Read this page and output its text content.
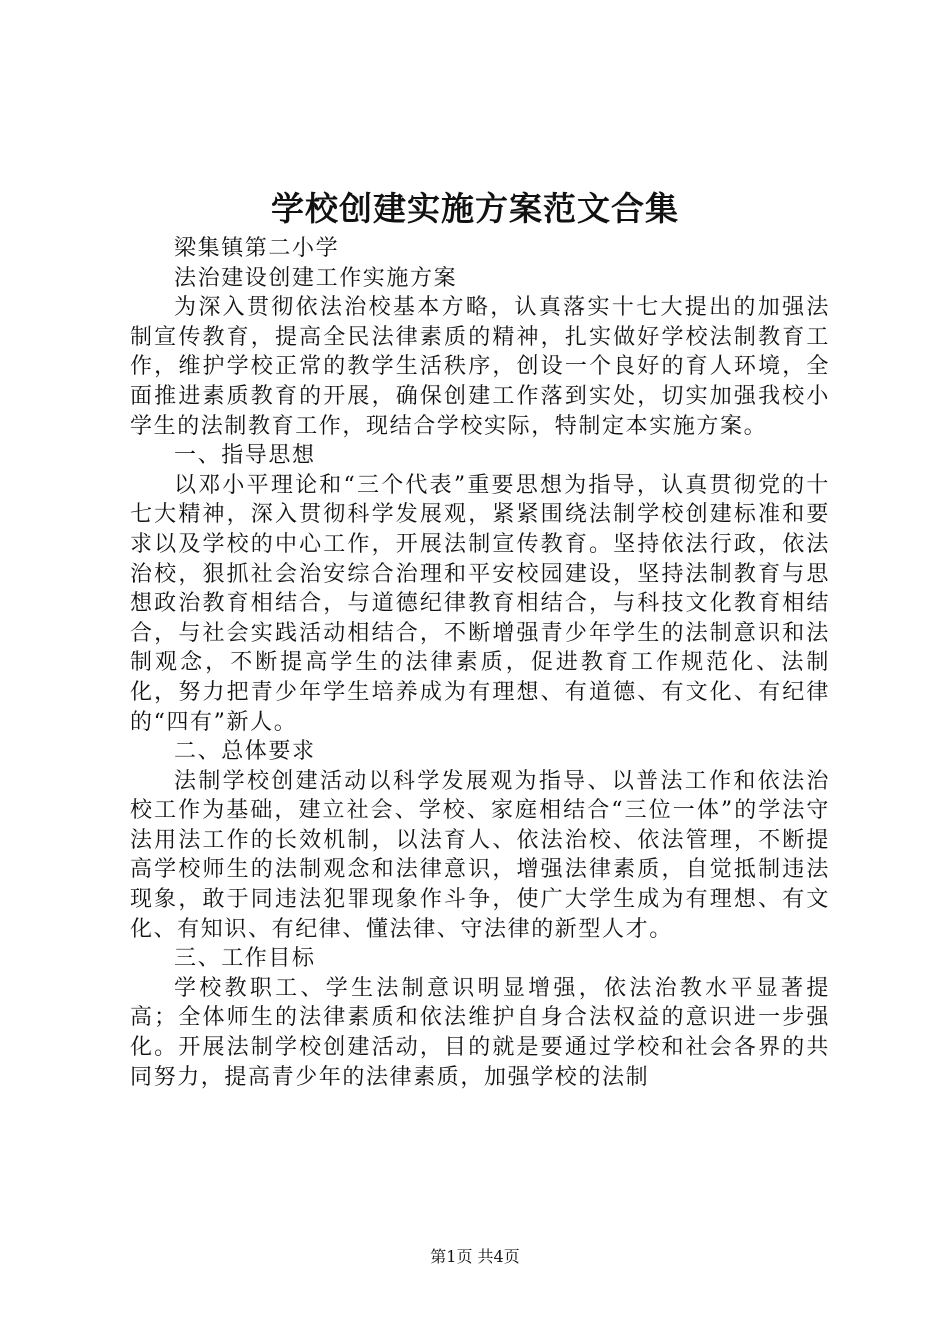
学校创建实施方案范文合集

梁集镇第二小学

法治建设创建工作实施方案

为深入贯彻依法治校基本方略，认真落实十七大提出的加强法制宣传教育，提高全民法律素质的精神，扎实做好学校法制教育工作，维护学校正常的教学生活秩序，创设一个良好的育人环境，全面推进素质教育的开展，确保创建工作落到实处，切实加强我校小学生的法制教育工作，现结合学校实际，特制定本实施方案。

一、指导思想

以邓小平理论和“三个代表”重要思想为指导，认真贯彻党的十七大精神，深入贯彻科学发展观，紧紧围绕法制学校创建标准和要求以及学校的中心工作，开展法制宣传教育。坚持依法行政，依法治校，狠抓社会治安综合治理和平安校园建设，坚持法制教育与思想政治教育相结合，与道德纪律教育相结合，与科技文化教育相结合，与社会实践活动相结合，不断增强青少年学生的法制意识和法制观念，不断提高学生的法律素质，促进教育工作规范化、法制化，努力把青少年学生培养成为有理想、有道德、有文化、有纪律的“四有”新人。

二、总体要求

法制学校创建活动以科学发展观为指导、以普法工作和依法治校工作为基础，建立社会、学校、家庭相结合“三位一体”的学法守法用法工作的长效机制，以法育人、依法治校、依法管理，不断提高学校师生的法制观念和法律意识，增强法律素质，自觉抵制违法现象，敢于同违法犯罪现象作斗争，使广大学生成为有理想、有文化、有知识、有纪律、懂法律、守法律的新型人才。

三、工作目标

学校教职工、学生法制意识明显增强，依法治教水平显著提高；全体师生的法律素质和依法维护自身合法权益的意识进一步强化。开展法制学校创建活动，目的就是要通过学校和社会各界的共同努力，提高青少年的法律素质，加强学校的法制

第1页 共4页
